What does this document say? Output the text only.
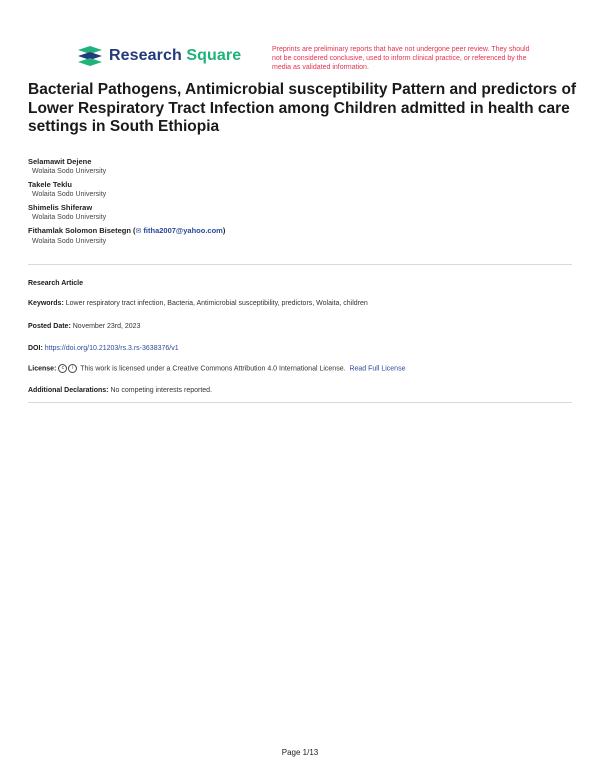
Research Square	Preprints are preliminary reports that have not undergone peer review. They should not be considered conclusive, used to inform clinical practice, or referenced by the media as validated information.
Bacterial Pathogens, Antimicrobial susceptibility Pattern and predictors of Lower Respiratory Tract Infection among Children admitted in health care settings in South Ethiopia
Selamawit Dejene
Wolaita Sodo University
Takele Teklu
Wolaita Sodo University
Shimelis Shiferaw
Wolaita Sodo University
Fithamlak Solomon Bisetegn (✉ fitha2007@yahoo.com)
Wolaita Sodo University
Research Article
Keywords: Lower respiratory tract infection, Bacteria, Antimicrobial susceptibility, predictors, Wolaita, children
Posted Date: November 23rd, 2023
DOI: https://doi.org/10.21203/rs.3.rs-3638376/v1
License: c i This work is licensed under a Creative Commons Attribution 4.0 International License. Read Full License
Additional Declarations: No competing interests reported.
Page 1/13
